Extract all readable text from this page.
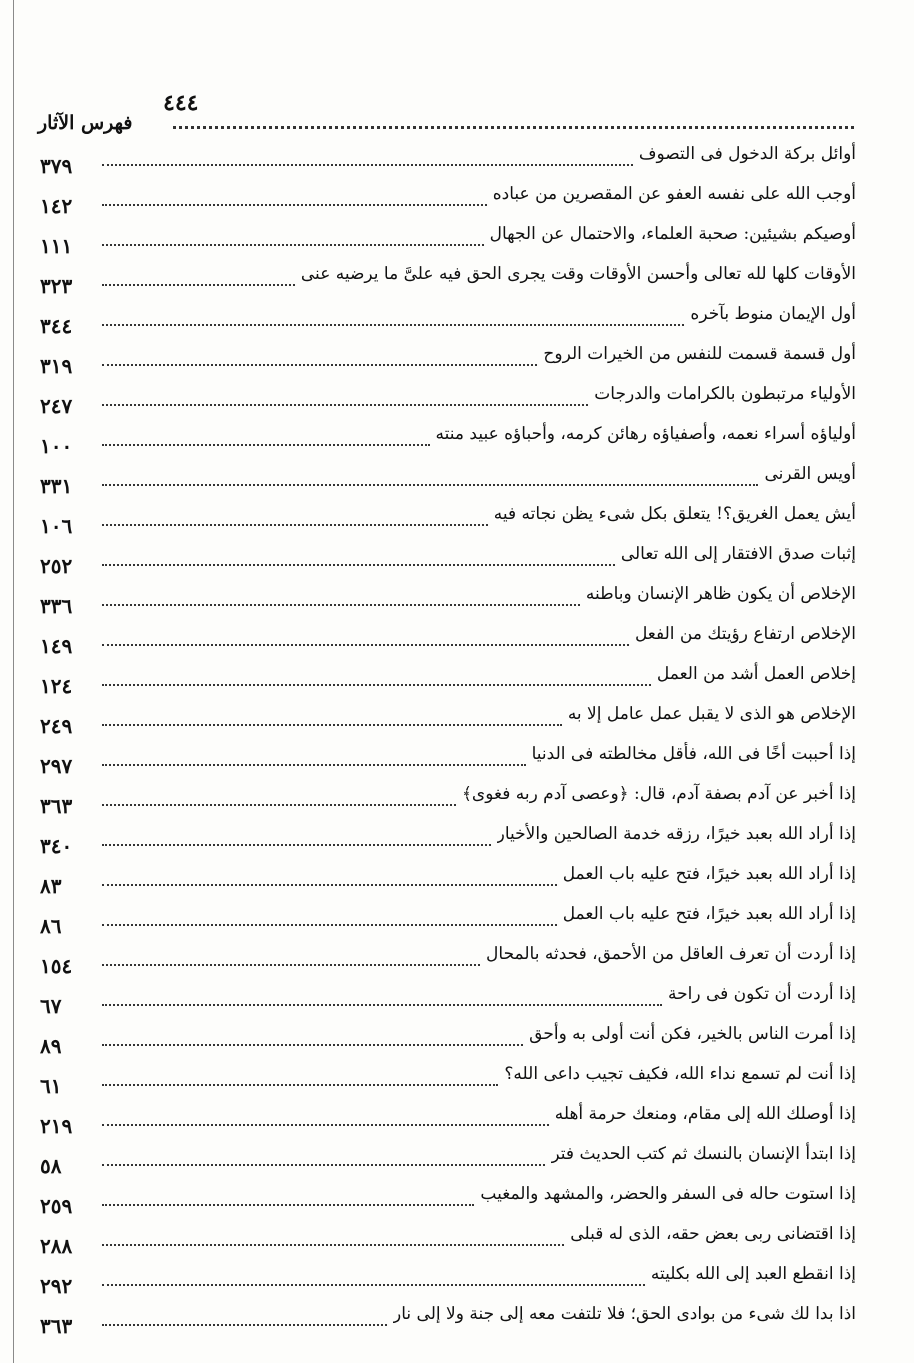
فهرس الآثار
٤٤٤
أوائل بركة الدخول فى التصوف
٣٧٩
أوجب الله على نفسه العفو عن المقصرين من عباده
١٤٢
أوصيكم بشيئين: صحبة العلماء، والاحتمال عن الجهال
١١١
الأوقات كلها لله تعالى وأحسن الأوقات وقت يجرى الحق فيه علىَّ ما يرضيه عنى
٣٢٣
أول الإيمان منوط بآخره
٣٤٤
أول قسمة قسمت للنفس من الخيرات الروح
٣١٩
الأولياء مرتبطون بالكرامات والدرجات
٢٤٧
أولياؤه أسراء نعمه، وأصفياؤه رهائن كرمه، وأحباؤه عبيد منته
١٠٠
أويس القرنى
٣٣١
أيش يعمل الغريق؟! يتعلق بكل شىء يظن نجاته فيه
١٠٦
إثبات صدق الافتقار إلى الله تعالى
٢٥٢
الإخلاص أن يكون ظاهر الإنسان وباطنه
٣٣٦
الإخلاص ارتفاع رؤيتك من الفعل
١٤٩
إخلاص العمل أشد من العمل
١٢٤
الإخلاص هو الذى لا يقبل عمل عامل إلا به
٢٤٩
إذا أحببت أخًا فى الله، فأقل مخالطته فى الدنيا
٢٩٧
إذا أخبر عن آدم بصفة آدم، قال: ﴿وعصى آدم ربه فغوى﴾
٣٦٣
إذا أراد الله بعبد خيرًا، رزقه خدمة الصالحين والأخيار
٣٤٠
إذا أراد الله بعبد خيرًا، فتح عليه باب العمل
٨٣
إذا أراد الله بعبد خيرًا، فتح عليه باب العمل
٨٦
إذا أردت أن تعرف العاقل من الأحمق، فحدثه بالمحال
١٥٤
إذا أردت أن تكون فى راحة
٦٧
إذا أمرت الناس بالخير، فكن أنت أولى به وأحق
٨٩
إذا أنت لم تسمع نداء الله، فكيف تجيب داعى الله؟
٦١
إذا أوصلك الله إلى مقام، ومنعك حرمة أهله
٢١٩
إذا ابتدأ الإنسان بالنسك ثم كتب الحديث فتر
٥٨
إذا استوت حاله فى السفر والحضر، والمشهد والمغيب
٢٥٩
إذا اقتضانى ربى بعض حقه، الذى له قبلى
٢٨٨
إذا انقطع العبد إلى الله بكليته
٢٩٢
اذا بدا لك شىء من بوادى الحق؛ فلا تلتفت معه إلى جنة ولا إلى نار
٣٦٣
